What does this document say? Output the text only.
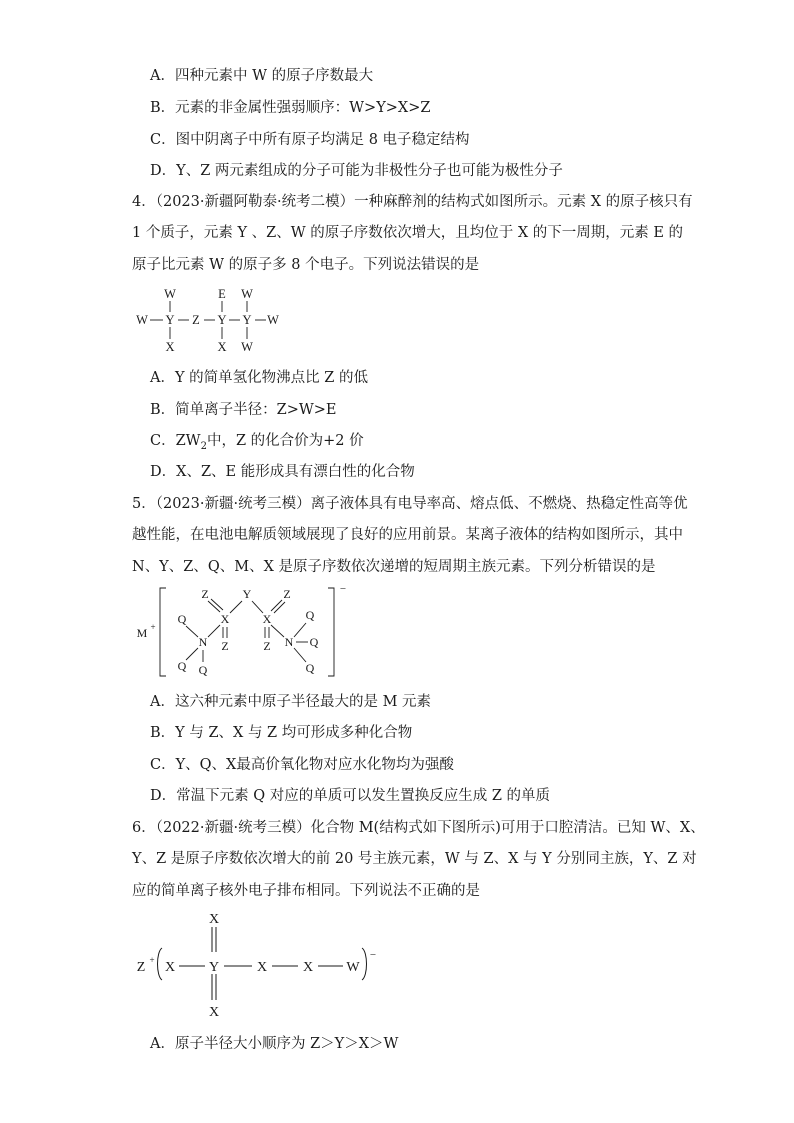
A．四种元素中 W 的原子序数最大
B．元素的非金属性强弱顺序：W>Y>X>Z
C．图中阴离子中所有原子均满足 8 电子稳定结构
D．Y、Z 两元素组成的分子可能为非极性分子也可能为极性分子
4．（2023·新疆阿勒泰·统考二模）一种麻醉剂的结构式如图所示。元素 X 的原子核只有
1 个质子，元素 Y 、Z、W 的原子序数依次增大，且均位于 X 的下一周期，元素 E 的
原子比元素 W 的原子多 8 个电子。下列说法错误的是
W	E W
W Y Z Y Y W
X	X W
A．Y 的简单氢化物沸点比 Z 的低
B．简单离子半径：Z>W>E
C．$ZW_2$中，Z 的化合价为+2 价
D．X、Z、E 能形成具有漂白性的化合物
5．（2023·新疆·统考三模）离子液体具有电导率高、熔点低、不燃烧、热稳定性高等优
越性能，在电池电解质领域展现了良好的应用前景。某离子液体的结构如图所示，其中
N、Y、Z、Q、M、X 是原子序数依次递增的短周期主族元素。下列分析错误的是
M +
Z	Y	Z
Q	X	X	Q
N	N Q
Z	Z
Q Q	Q
−
A．这六种元素中原子半径最大的是 M 元素
B．Y 与 Z、X 与 Z 均可形成多种化合物
C．Y、Q、X最高价氧化物对应水化物均为强酸
D．常温下元素 Q 对应的单质可以发生置换反应生成 Z 的单质
6．（2022·新疆·统考三模）化合物 M(结构式如下图所示)可用于口腔清洁。已知 W、X、
Y、Z 是原子序数依次增大的前 20 号主族元素，W 与 Z、X 与 Y 分别同主族，Y、Z 对
应的简单离子核外电子排布相同。下列说法不正确的是
Z +
X
X Y	X	X W
X
−
A．原子半径大小顺序为 Z＞Y＞X＞W
